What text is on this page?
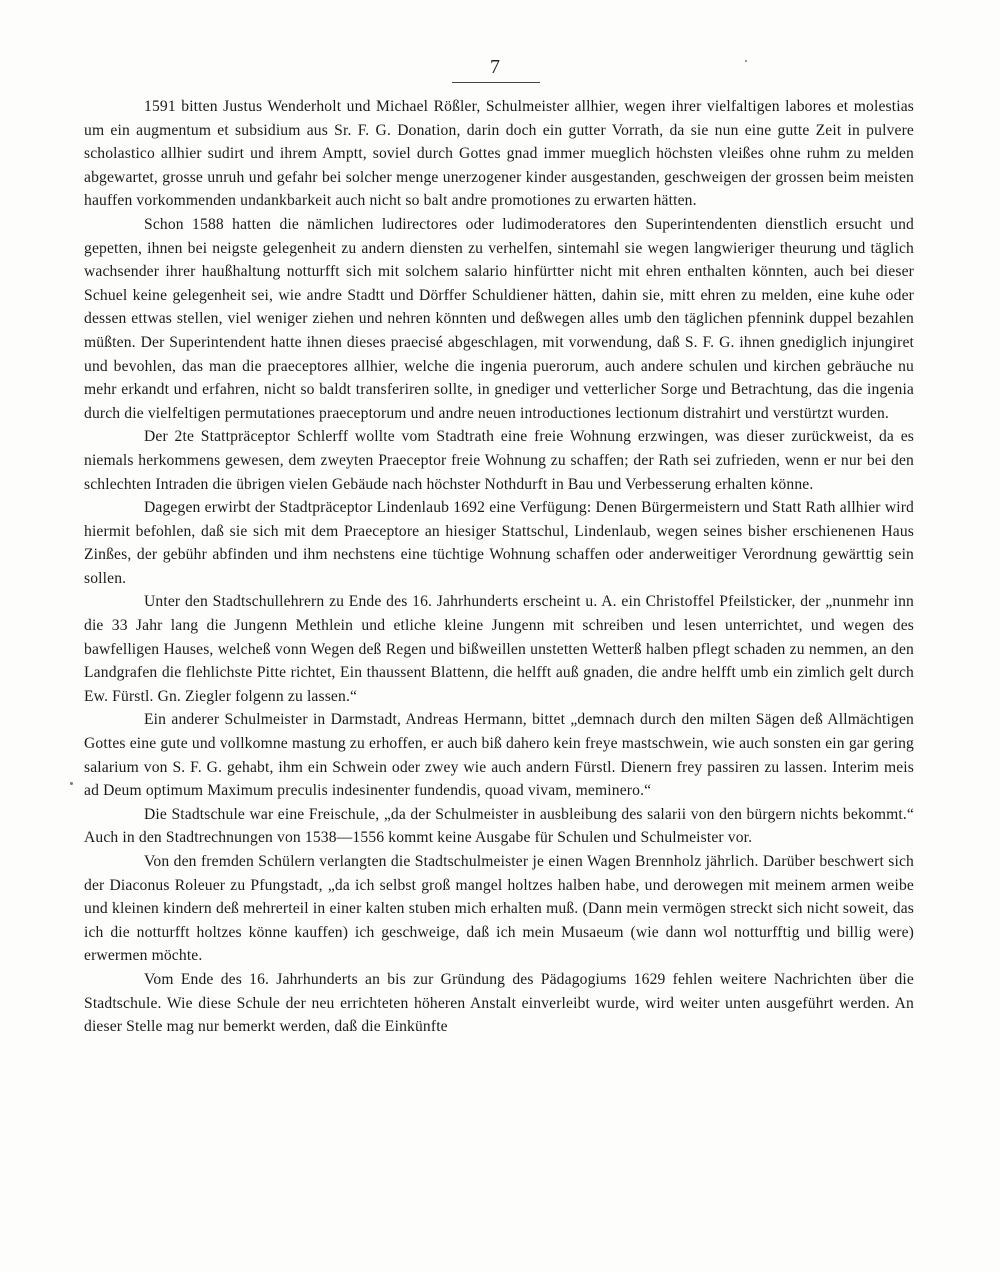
7

1591 bitten Justus Wenderholt und Michael Rößler, Schulmeister allhier, wegen ihrer vielfaltigen labores et molestias um ein augmentum et subsidium aus Sr. F. G. Donation, darin doch ein gutter Vorrath, da sie nun eine gutte Zeit in pulvere scholastico allhier sudirt und ihrem Amptt, soviel durch Gottes gnad immer mueglich höchsten vleißes ohne ruhm zu melden abgewartet, grosse unruh und gefahr bei solcher menge unerzogener kinder ausgestanden, geschweigen der grossen beim meisten hauffen vorkommenden undankbarkeit auch nicht so balt andre promotiones zu erwarten hätten.

Schon 1588 hatten die nämlichen ludirectores oder ludimoderatores den Superintendenten dienstlich ersucht und gepetten, ihnen bei neigste gelegenheit zu andern diensten zu verhelfen, sintemahl sie wegen langwieriger theurung und täglich wachsender ihrer haußhaltung notturfft sich mit solchem salario hinfürtter nicht mit ehren enthalten könnten, auch bei dieser Schuel keine gelegenheit sei, wie andre Stadtt und Dörffer Schuldiener hätten, dahin sie, mitt ehren zu melden, eine kuhe oder dessen ettwas stellen, viel weniger ziehen und nehren könnten und deßwegen alles umb den täglichen pfennink duppel bezahlen müßten. Der Superintendent hatte ihnen dieses praecisé abgeschlagen, mit vorwendung, daß S. F. G. ihnen gnediglich injungiret und bevohlen, das man die praeceptores allhier, welche die ingenia puerorum, auch andere schulen und kirchen gebräuche nu mehr erkandt und erfahren, nicht so baldt transferiren sollte, in gnediger und vetterlicher Sorge und Betrachtung, das die ingenia durch die vielfeltigen permutationes praeceptorum und andre neuen introductiones lectionum distrahirt und verstürtzt wurden.

Der 2te Stattpräceptor Schlerff wollte vom Stadtrath eine freie Wohnung erzwingen, was dieser zurückweist, da es niemals herkommens gewesen, dem zweyten Praeceptor freie Wohnung zu schaffen; der Rath sei zufrieden, wenn er nur bei den schlechten Intraden die übrigen vielen Gebäude nach höchster Nothdurft in Bau und Verbesserung erhalten könne.

Dagegen erwirbt der Stadtpräceptor Lindenlaub 1692 eine Verfügung: Denen Bürgermeistern und Statt Rath allhier wird hiermit befohlen, daß sie sich mit dem Praeceptore an hiesiger Stattschul, Lindenlaub, wegen seines bisher erschienenen Haus Zinßes, der gebühr abfinden und ihm nechstens eine tüchtige Wohnung schaffen oder anderweitiger Verordnung gewärttig sein sollen.

Unter den Stadtschullehrern zu Ende des 16. Jahrhunderts erscheint u. A. ein Christoffel Pfeilsticker, der „nunmehr inn die 33 Jahr lang die Jungenn Methlein und etliche kleine Jungenn mit schreiben und lesen unterrichtet, und wegen des bawfelligen Hauses, welcheß vonn Wegen deß Regen und bißweillen unstetten Wetterß halben pflegt schaden zu nemmen, an den Landgrafen die flehlichste Pitte richtet, Ein thaussent Blattenn, die helfft auß gnaden, die andre helfft umb ein zimlich gelt durch Ew. Fürstl. Gn. Ziegler folgenn zu lassen.“

Ein anderer Schulmeister in Darmstadt, Andreas Hermann, bittet „demnach durch den milten Sägen deß Allmächtigen Gottes eine gute und vollkomne mastung zu erhoffen, er auch biß dahero kein freye mastschwein, wie auch sonsten ein gar gering salarium von S. F. G. gehabt, ihm ein Schwein oder zwey wie auch andern Fürstl. Dienern frey passiren zu lassen. Interim meis ad Deum optimum Maximum preculis indesinenter fundendis, quoad vivam, meminero.“

Die Stadtschule war eine Freischule, „da der Schulmeister in ausbleibung des salarii von den bürgern nichts bekommt.“ Auch in den Stadtrechnungen von 1538—1556 kommt keine Ausgabe für Schulen und Schulmeister vor.

Von den fremden Schülern verlangten die Stadtschulmeister je einen Wagen Brennholz jährlich. Darüber beschwert sich der Diaconus Roleuer zu Pfungstadt, „da ich selbst groß mangel holtzes halben habe, und derowegen mit meinem armen weibe und kleinen kindern deß mehrerteil in einer kalten stuben mich erhalten muß. (Dann mein vermögen streckt sich nicht soweit, das ich die notturfft holtzes könne kauffen) ich geschweige, daß ich mein Musaeum (wie dann wol notturfftig und billig were) erwermen möchte.

Vom Ende des 16. Jahrhunderts an bis zur Gründung des Pädagogiums 1629 fehlen weitere Nachrichten über die Stadtschule. Wie diese Schule der neu errichteten höheren Anstalt einverleibt wurde, wird weiter unten ausgeführt werden. An dieser Stelle mag nur bemerkt werden, daß die Einkünfte
